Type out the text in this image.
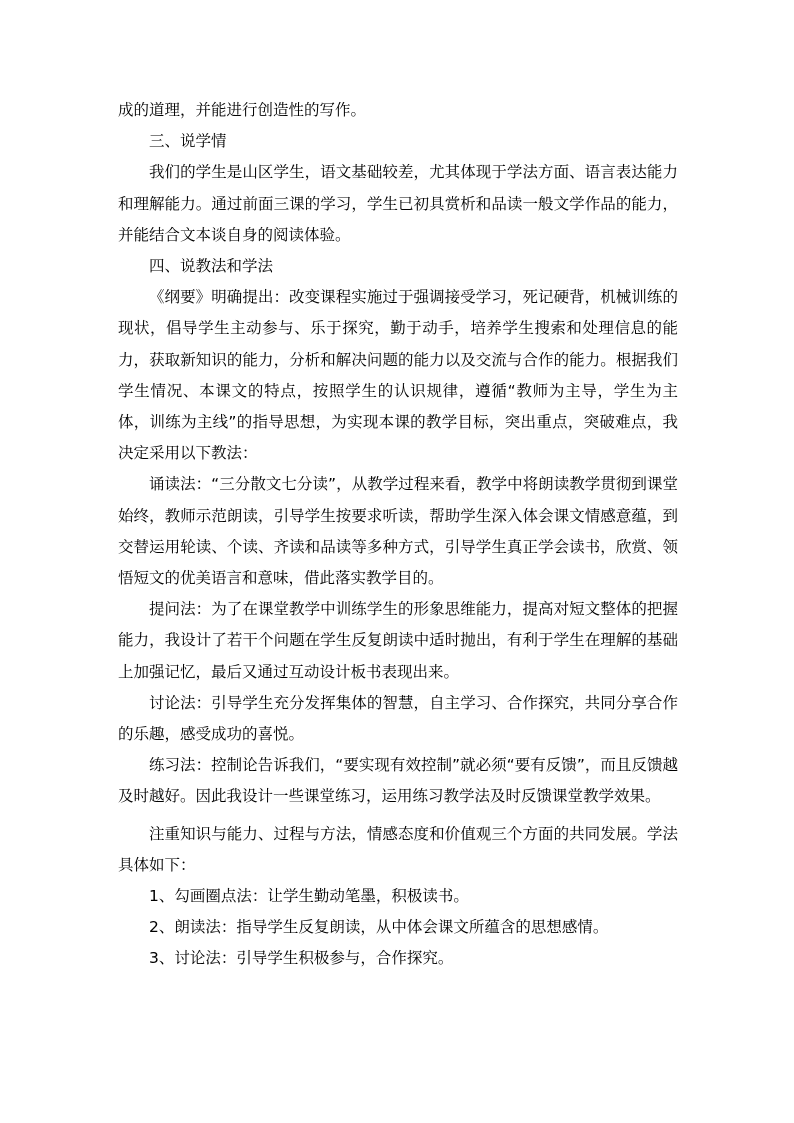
成的道理，并能进行创造性的写作。

三、说学情

我们的学生是山区学生，语文基础较差，尤其体现于学法方面、语言表达能力和理解能力。通过前面三课的学习，学生已初具赏析和品读一般文学作品的能力，并能结合文本谈自身的阅读体验。

四、说教法和学法

《纲要》明确提出：改变课程实施过于强调接受学习，死记硬背，机械训练的现状，倡导学生主动参与、乐于探究，勤于动手，培养学生搜索和处理信息的能力，获取新知识的能力，分析和解决问题的能力以及交流与合作的能力。根据我们学生情况、本课文的特点，按照学生的认识规律，遵循“教师为主导，学生为主体，训练为主线”的指导思想，为实现本课的教学目标，突出重点，突破难点，我决定采用以下教法：

诵读法：“三分散文七分读”，从教学过程来看，教学中将朗读教学贯彻到课堂始终，教师示范朗读，引导学生按要求听读，帮助学生深入体会课文情感意蕴，到交替运用轮读、个读、齐读和品读等多种方式，引导学生真正学会读书，欣赏、领悟短文的优美语言和意味，借此落实教学目的。

提问法：为了在课堂教学中训练学生的形象思维能力，提高对短文整体的把握能力，我设计了若干个问题在学生反复朗读中适时抛出，有利于学生在理解的基础上加强记忆，最后又通过互动设计板书表现出来。

讨论法：引导学生充分发挥集体的智慧，自主学习、合作探究，共同分享合作的乐趣，感受成功的喜悦。

练习法：控制论告诉我们，“要实现有效控制”就必须“要有反馈”，而且反馈越及时越好。因此我设计一些课堂练习，运用练习教学法及时反馈课堂教学效果。

注重知识与能力、过程与方法，情感态度和价值观三个方面的共同发展。学法具体如下：

1、勾画圈点法：让学生勤动笔墨，积极读书。

2、朗读法：指导学生反复朗读，从中体会课文所蕴含的思想感情。

3、讨论法：引导学生积极参与，合作探究。
